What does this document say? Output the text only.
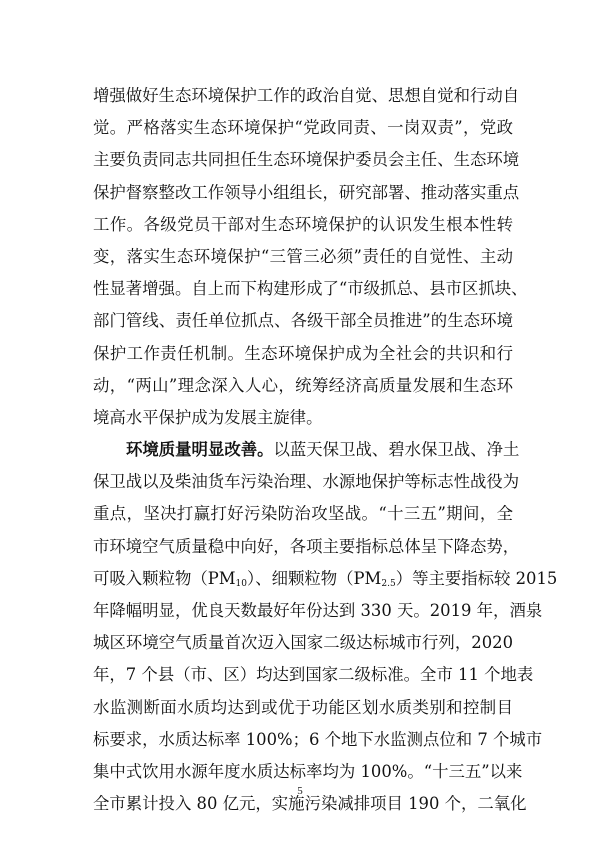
增强做好生态环境保护工作的政治自觉、思想自觉和行动自
觉。严格落实生态环境保护“党政同责、一岗双责”，党政
主要负责同志共同担任生态环境保护委员会主任、生态环境
保护督察整改工作领导小组组长，研究部署、推动落实重点
工作。各级党员干部对生态环境保护的认识发生根本性转
变，落实生态环境保护“三管三必须”责任的自觉性、主动
性显著增强。自上而下构建形成了“市级抓总、县市区抓块、
部门管线、责任单位抓点、各级干部全员推进”的生态环境
保护工作责任机制。生态环境保护成为全社会的共识和行
动，“两山”理念深入人心，统筹经济高质量发展和生态环
境高水平保护成为发展主旋律。
环境质量明显改善。以蓝天保卫战、碧水保卫战、净土
保卫战以及柴油货车污染治理、水源地保护等标志性战役为
重点，坚决打赢打好污染防治攻坚战。“十三五”期间，全
市环境空气质量稳中向好，各项主要指标总体呈下降态势，
可吸入颗粒物$(PM_{10})$、细颗粒物$(PM_{2.5})$等主要指标较 2015
年降幅明显，优良天数最好年份达到 330 天。2019 年，酒泉
城区环境空气质量首次迈入国家二级达标城市行列，2020
年，7 个县（市、区）均达到国家二级标准。全市 11 个地表
水监测断面水质均达到或优于功能区划水质类别和控制目
标要求，水质达标率 100%；6 个地下水监测点位和 7 个城市
集中式饮用水源年度水质达标率均为 100%。“十三五”以来
全市累计投入 80 亿元，实施污染减排项目 190 个，二氧化
5
